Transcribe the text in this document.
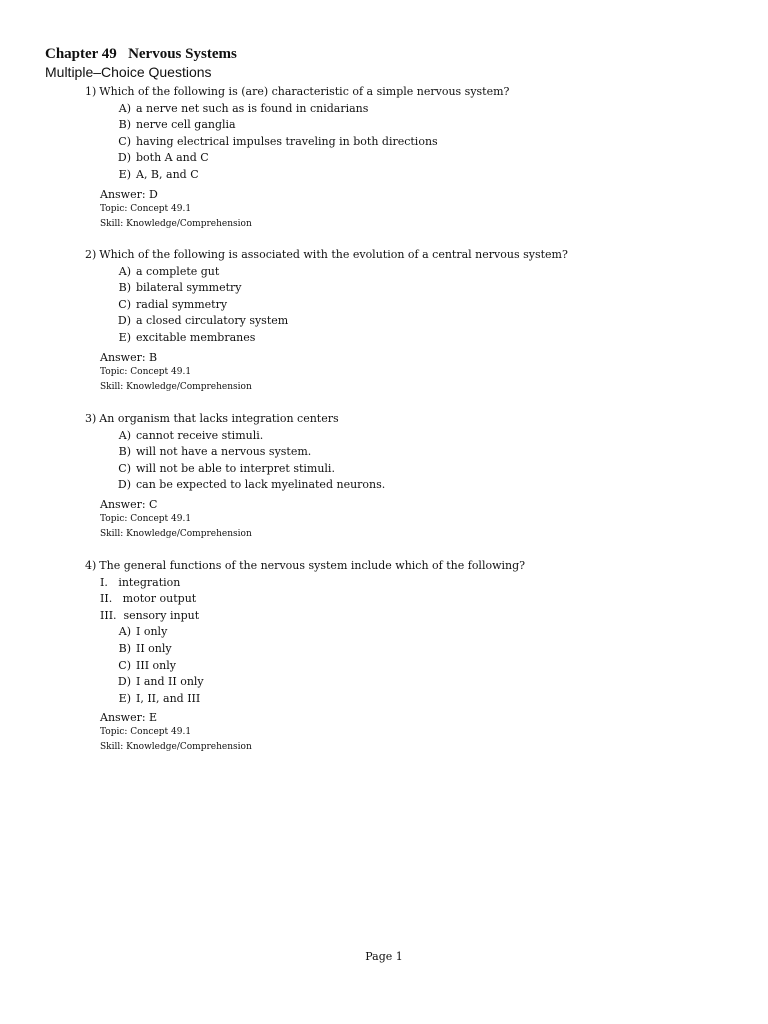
Chapter 49 Nervous Systems
Multiple–Choice Questions
1) Which of the following is (are) characteristic of a simple nervous system?
A) a nerve net such as is found in cnidarians
B) nerve cell ganglia
C) having electrical impulses traveling in both directions
D) both A and C
E) A, B, and C
Answer: D
Topic: Concept 49.1
Skill: Knowledge/Comprehension
2) Which of the following is associated with the evolution of a central nervous system?
A) a complete gut
B) bilateral symmetry
C) radial symmetry
D) a closed circulatory system
E) excitable membranes
Answer: B
Topic: Concept 49.1
Skill: Knowledge/Comprehension
3) An organism that lacks integration centers
A) cannot receive stimuli.
B) will not have a nervous system.
C) will not be able to interpret stimuli.
D) can be expected to lack myelinated neurons.
Answer: C
Topic: Concept 49.1
Skill: Knowledge/Comprehension
4) The general functions of the nervous system include which of the following?
I.   integration
II.   motor output
III.  sensory input
A) I only
B) II only
C) III only
D) I and II only
E) I, II, and III
Answer: E
Topic: Concept 49.1
Skill: Knowledge/Comprehension
Page 1
